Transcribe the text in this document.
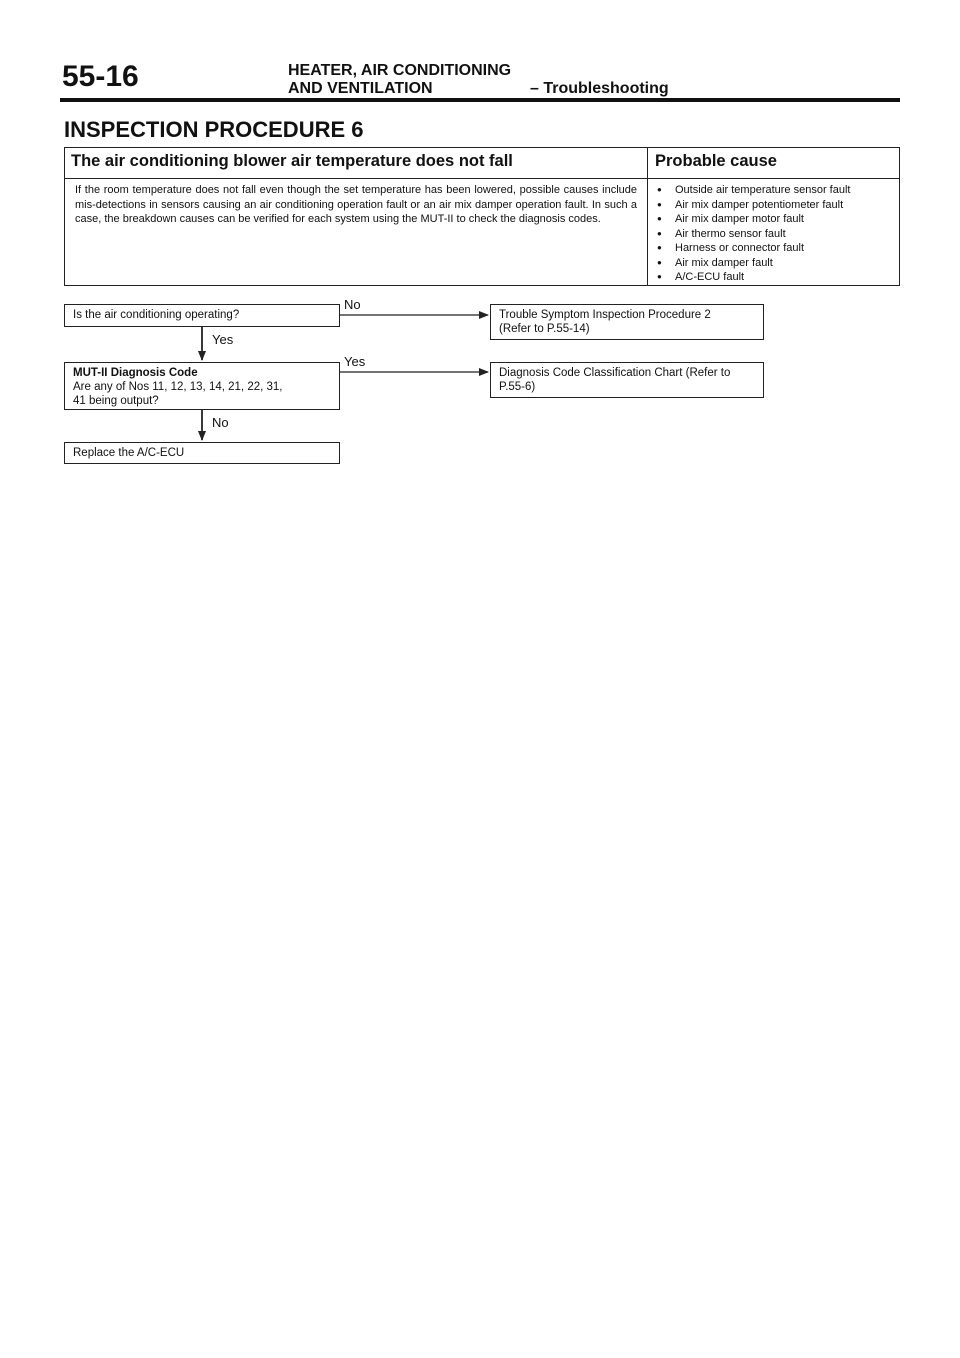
55-16	HEATER, AIR CONDITIONING
AND VENTILATION	– Troubleshooting
INSPECTION PROCEDURE 6
The air conditioning blower air temperature does not fall	Probable cause
If the room temperature does not fall even though the set temperature has been lowered, possible causes include mis-detections in sensors causing an air conditioning operation fault or an air mix damper operation fault. In such a case, the breakdown causes can be verified for each system using the MUT-II to check the diagnosis codes.
● Outside air temperature sensor fault
● Air mix damper potentiometer fault
● Air mix damper motor fault
● Air thermo sensor fault
● Harness or connector fault
● Air mix damper fault
● A/C-ECU fault
No
Yes
Yes
No
Is the air conditioning operating?	Trouble Symptom Inspection Procedure 2
(Refer to P.55-14)
MUT-II Diagnosis Code
Are any of Nos 11, 12, 13, 14, 21, 22, 31,
41 being output?
Diagnosis Code Classification Chart (Refer to
P.55-6)
Replace the A/C-ECU
